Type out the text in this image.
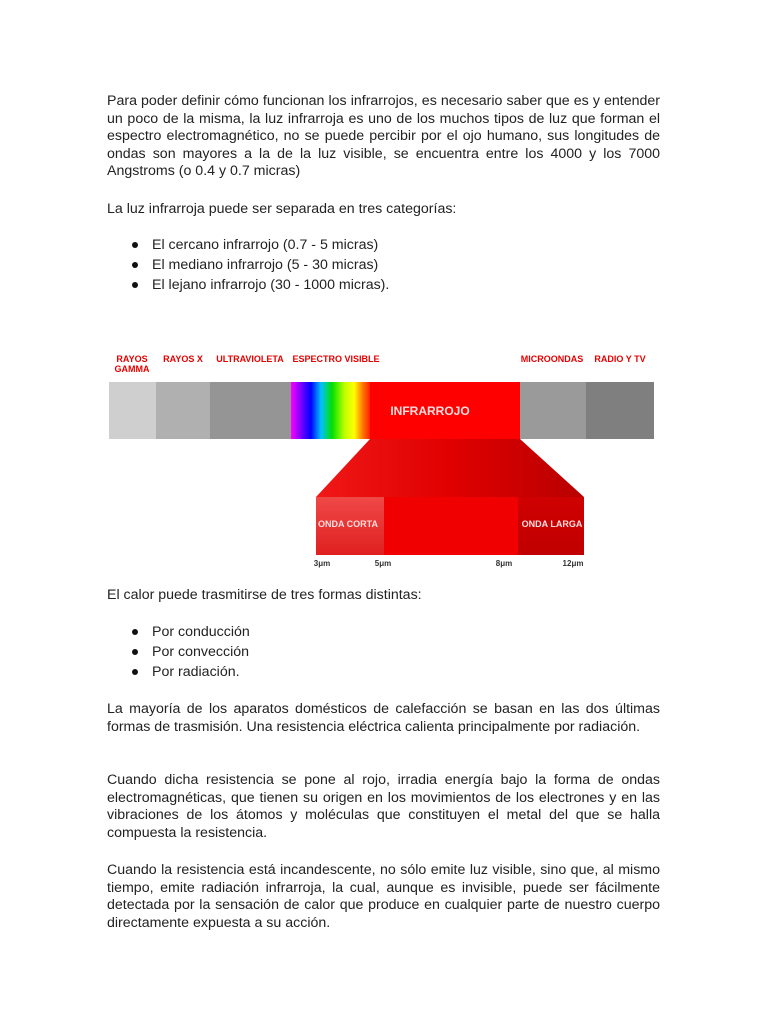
Para poder definir cómo funcionan los infrarrojos, es necesario saber que es y entender un poco de la misma, la luz infrarroja es uno de los muchos tipos de luz que forman el espectro electromagnético, no se puede percibir por el ojo humano, sus longitudes de ondas son mayores a la de la luz visible, se encuentra entre los 4000 y los 7000 Angstroms (o 0.4 y 0.7 micras)

La luz infrarroja puede ser separada en tres categorías:

El cercano infrarrojo (0.7 - 5 micras)
El mediano infrarrojo (5 - 30 micras)
El lejano infrarrojo (30 - 1000 micras).
RAYOS
GAMMA
RAYOS X ULTRAVIOLETA ESPECTRO VISIBLE	MICROONDAS RADIO Y TV
INFRARROJO
ONDA CORTA	ONDA LARGA
3μm	5μm	8μm	12μm

El calor puede trasmitirse de tres formas distintas:

Por conducción
Por convección
Por radiación.

La mayoría de los aparatos domésticos de calefacción se basan en las dos últimas formas de trasmisión. Una resistencia eléctrica calienta principalmente por radiación.

Cuando dicha resistencia se pone al rojo, irradia energía bajo la forma de ondas electromagnéticas, que tienen su origen en los movimientos de los electrones y en las vibraciones de los átomos y moléculas que constituyen el metal del que se halla compuesta la resistencia.

Cuando la resistencia está incandescente, no sólo emite luz visible, sino que, al mismo tiempo, emite radiación infrarroja, la cual, aunque es invisible, puede ser fácilmente detectada por la sensación de calor que produce en cualquier parte de nuestro cuerpo directamente expuesta a su acción.
